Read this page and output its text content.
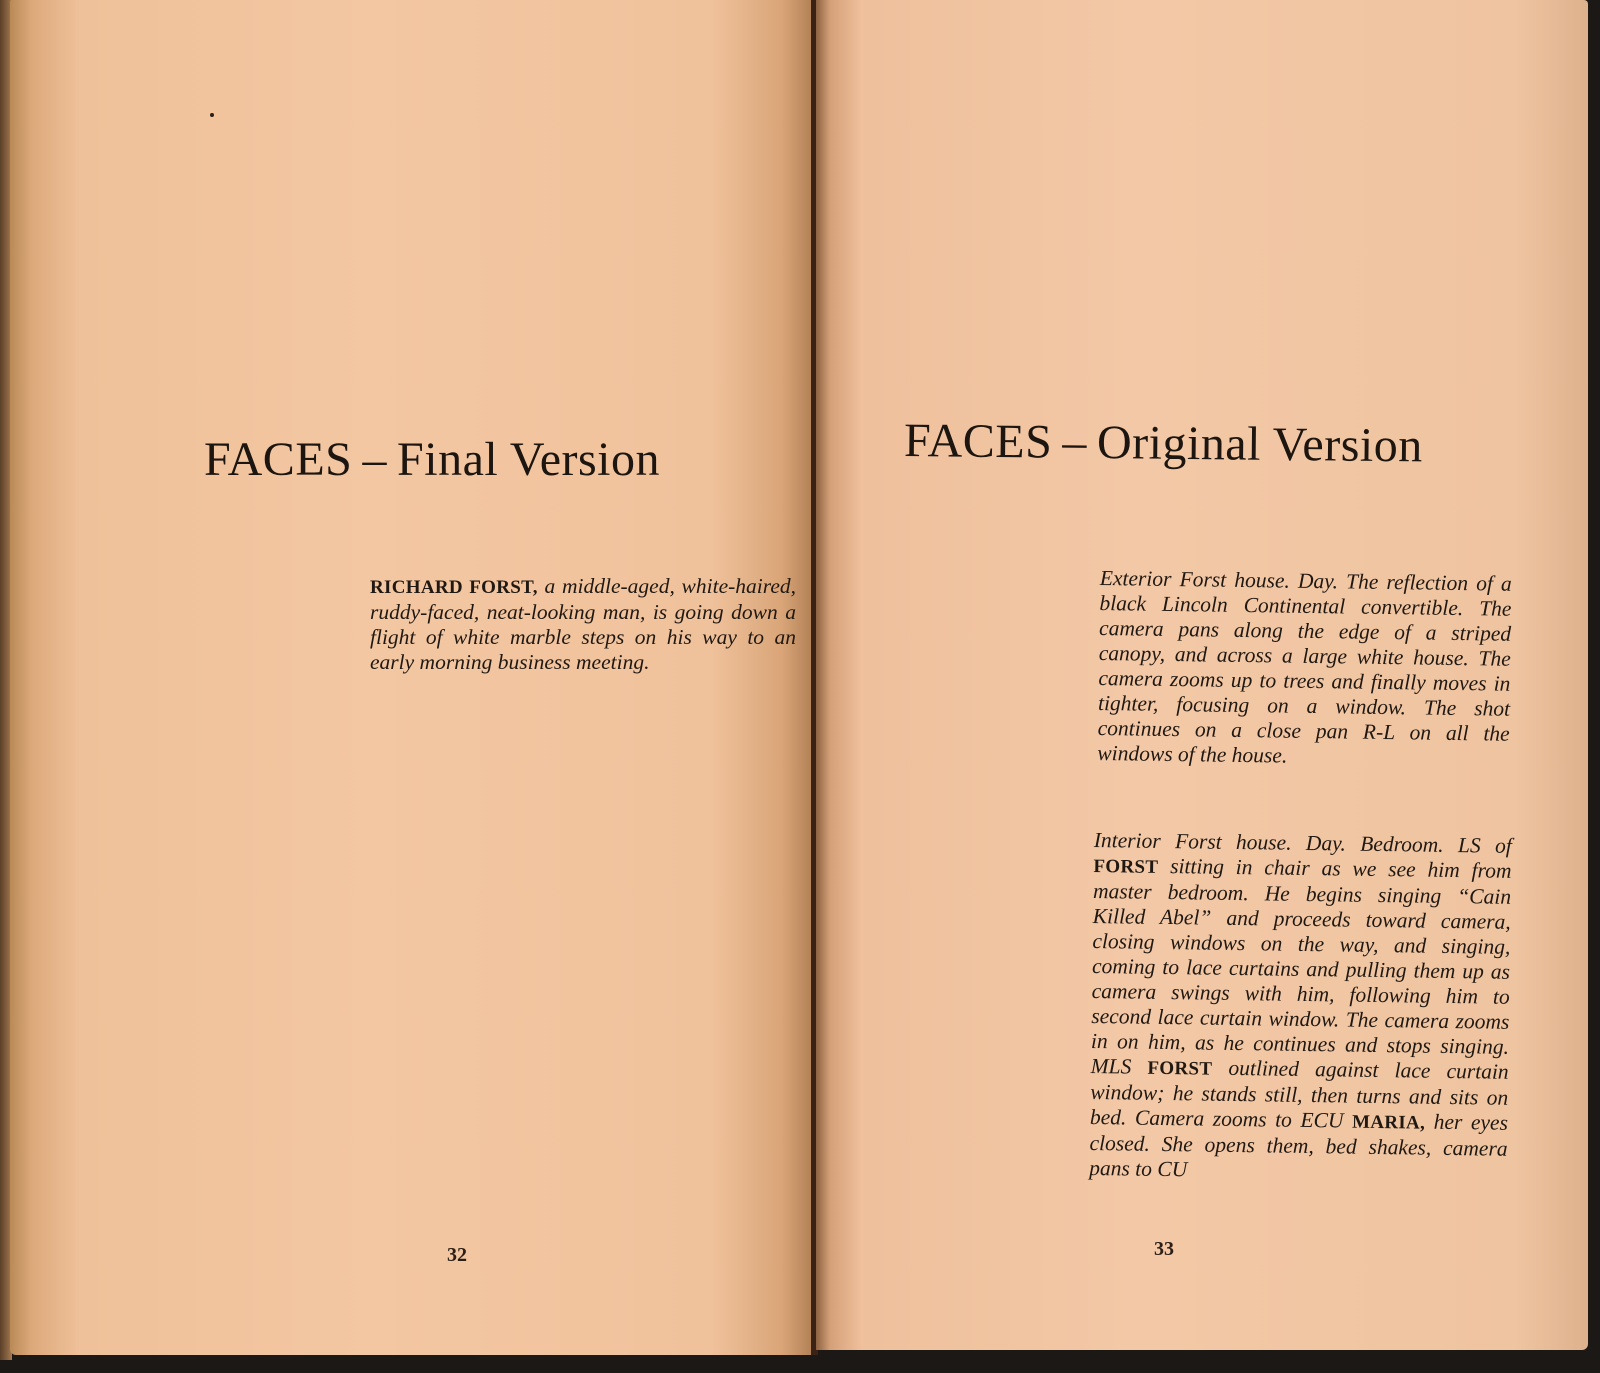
FACES – Final Version

RICHARD FORST, a middle-aged, white-haired, ruddy-faced, neat-looking man, is going down a flight of white marble steps on his way to an early morning business meeting.

32
FACES – Original Version

Exterior Forst house. Day. The reflection of a black Lincoln Continental convertible. The camera pans along the edge of a striped canopy, and across a large white house. The camera zooms up to trees and finally moves in tighter, focusing on a window. The shot continues on a close pan R-L on all the windows of the house.

Interior Forst house. Day. Bedroom. LS of FORST sitting in chair as we see him from master bedroom. He begins singing “Cain Killed Abel” and proceeds toward camera, closing windows on the way, and singing, coming to lace curtains and pulling them up as camera swings with him, following him to second lace curtain window. The camera zooms in on him, as he continues and stops singing. MLS FORST outlined against lace curtain window; he stands still, then turns and sits on bed. Camera zooms to ECU MARIA, her eyes closed. She opens them, bed shakes, camera pans to CU

33
